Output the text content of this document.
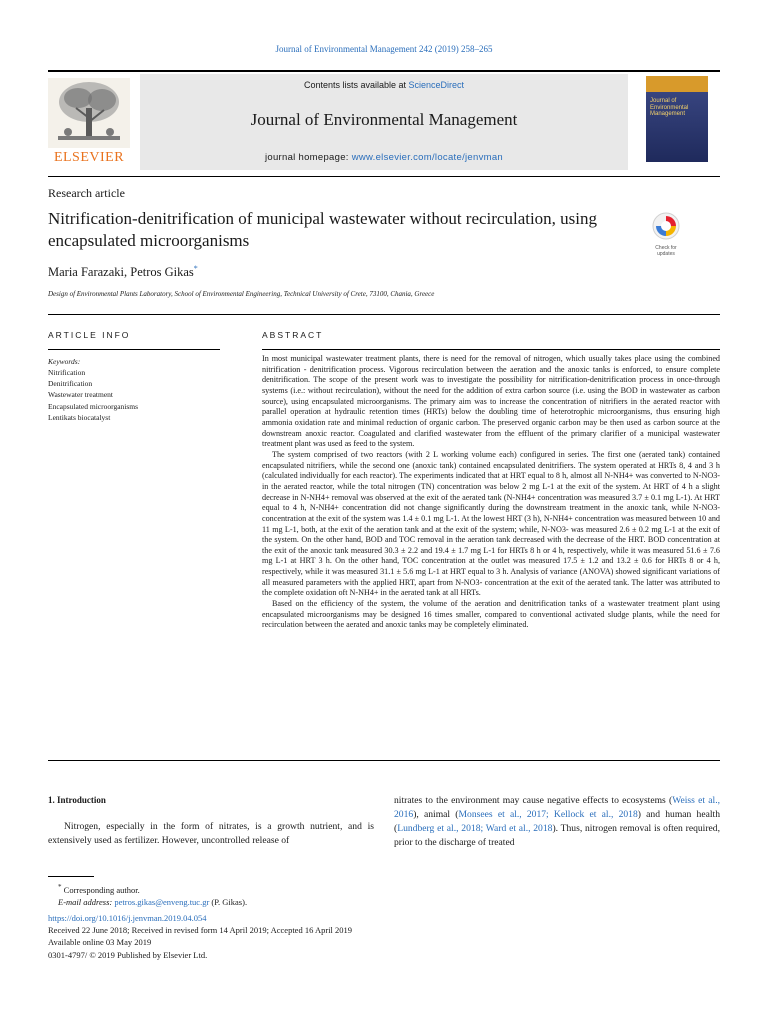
Journal of Environmental Management 242 (2019) 258–265
ELSEVIER
Contents lists available at ScienceDirect
Journal of Environmental Management
journal homepage: www.elsevier.com/locate/jenvman
Journal of Environmental Management
Research article
Nitrification-denitrification of municipal wastewater without recirculation, using encapsulated microorganisms	Check for updates
Maria Farazaki, Petros Gikas*
Design of Environmental Plants Laboratory, School of Environmental Engineering, Technical University of Crete, 73100, Chania, Greece
ARTICLE INFO
Keywords:
Nitrification
Denitrification
Wastewater treatment
Encapsulated microorganisms
Lentikats biocatalyst
ABSTRACT

In most municipal wastewater treatment plants, there is need for the removal of nitrogen, which usually takes place using the combined nitrification - denitrification process. Vigorous recirculation between the aeration and the anoxic tanks is enforced, to ensure complete denitrification. The scope of the present work was to investigate the possibility for nitrification-denitrification process in once-through systems (i.e.: without recirculation), without the need for the addition of extra carbon source (i.e. using the BOD in wastewater as carbon source), using encapsulated microorganisms. The primary aim was to increase the concentration of nitrifiers in the aerated reactor with parallel operation at hydraulic retention times (HRTs) below the doubling time of heterotrophic microorganisms, thus ensuring high ammonia oxidation rate and minimal reduction of organic carbon. The preserved organic carbon may be then used as carbon source at the downstream anoxic reactor. Coagulated and clarified wastewater from the effluent of the primary clarifier of a municipal wastewater treatment plant was used as feed to the system.

The system comprised of two reactors (with 2 L working volume each) configured in series. The first one (aerated tank) contained encapsulated nitrifiers, while the second one (anoxic tank) contained encapsulated denitrifiers. The system operated at HRTs 8, 4 and 3 h (calculated individually for each reactor). The experiments indicated that at HRT equal to 8 h, almost all N-NH4+ was converted to N-NO3- in the aerated reactor, while the total nitrogen (TN) concentration was below 2 mg L-1 at the exit of the system. At HRT of 4 h a slight decrease in N-NH4+ removal was observed at the exit of the aerated tank (N-NH4+ concentration was measured 3.7 ± 0.1 mg L-1). At HRT equal to 4 h, N-NH4+ concentration did not change significantly during the downstream treatment in the anoxic tank, while N-NO3- concentration at the exit of the system was 1.4 ± 0.1 mg L-1. At the lowest HRT (3 h), N-NH4+ concentration was measured between 10 and 11 mg L-1, both, at the exit of the aeration tank and at the exit of the system; while, N-NO3- was measured 2.6 ± 0.2 mg L-1 at the exit of the system. On the other hand, BOD and TOC removal in the aeration tank decreased with the decrease of the HRT. BOD concentration at the exit of the anoxic tank measured 30.3 ± 2.2 and 19.4 ± 1.7 mg L-1 for HRTs 8 h or 4 h, respectively, while it was measured 51.6 ± 7.6 mg L-1 at HRT 3 h. On the other hand, TOC concentration at the outlet was measured 17.5 ± 1.2 and 13.2 ± 0.6 for HRTs 8 or 4 h, respectively, while it was measured 31.1 ± 5.6 mg L-1 at HRT equal to 3 h. Analysis of variance (ANOVA) showed significant variations of all measured parameters with the applied HRT, apart from N-NO3- concentration at the exit of the aerated tank. The latter was attributed to the complete oxidation oft N-NH4+ in the aerated tank at all HRTs.

Based on the efficiency of the system, the volume of the aeration and denitrification tanks of a wastewater treatment plant using encapsulated microorganisms may be designed 16 times smaller, compared to conventional activated sludge plants, while the need for recirculation between the aerated and anoxic tanks may be completely eliminated.

1. Introduction

Nitrogen, especially in the form of nitrates, is a growth nutrient, and is extensively used as fertilizer. However, uncontrolled release of

nitrates to the environment may cause negative effects to ecosystems (Weiss et al., 2016), animal (Monsees et al., 2017; Kellock et al., 2018) and human health (Lundberg et al., 2018; Ward et al., 2018). Thus, nitrogen removal is often required, prior to the discharge of treated

* Corresponding author.
E-mail address: petros.gikas@enveng.tuc.gr (P. Gikas).
https://doi.org/10.1016/j.jenvman.2019.04.054
Received 22 June 2018; Received in revised form 14 April 2019; Accepted 16 April 2019
Available online 03 May 2019
0301-4797/ © 2019 Published by Elsevier Ltd.
